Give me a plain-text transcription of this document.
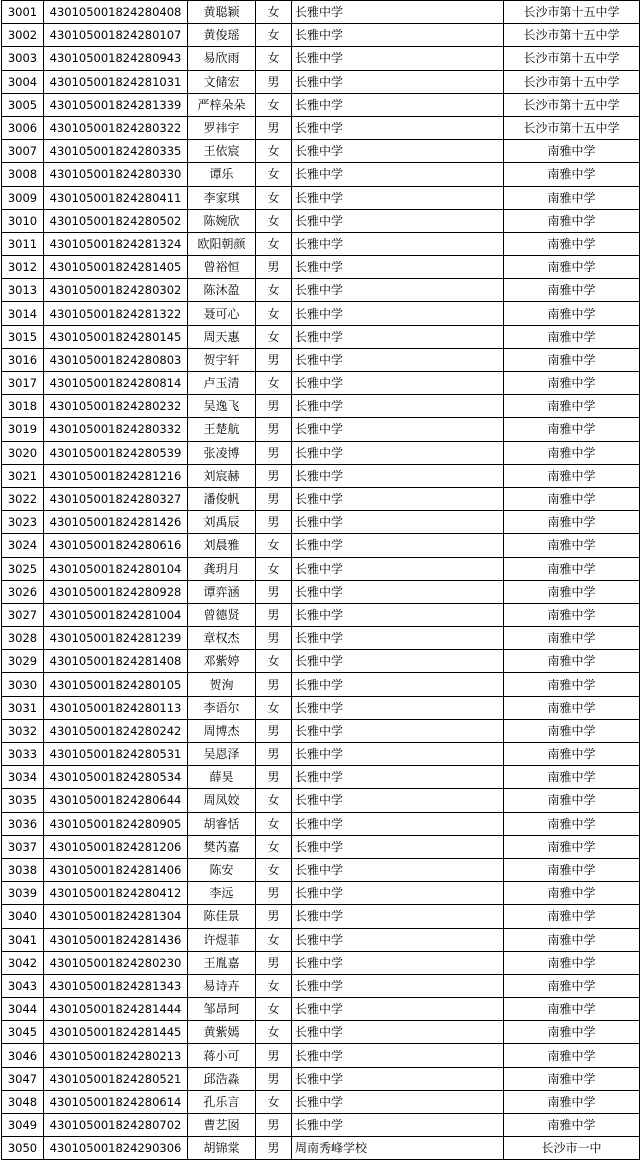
3001	430105001824280408	黄聪颖	女	长雅中学	长沙市第十五中学
3002	430105001824280107	黄俊瑶	女	长雅中学	长沙市第十五中学
3003	430105001824280943	易欣雨	女	长雅中学	长沙市第十五中学
3004	430105001824281031	文储宏	男	长雅中学	长沙市第十五中学
3005	430105001824281339	严梓朵朵	女	长雅中学	长沙市第十五中学
3006	430105001824280322	罗祎宇	男	长雅中学	长沙市第十五中学
3007	430105001824280335	王依宸	女	长雅中学	南雅中学
3008	430105001824280330	谭乐	女	长雅中学	南雅中学
3009	430105001824280411	李家琪	女	长雅中学	南雅中学
3010	430105001824280502	陈婉欣	女	长雅中学	南雅中学
3011	430105001824281324	欧阳朝颜	女	长雅中学	南雅中学
3012	430105001824281405	曾裕恒	男	长雅中学	南雅中学
3013	430105001824280302	陈沐盈	女	长雅中学	南雅中学
3014	430105001824281322	聂可心	女	长雅中学	南雅中学
3015	430105001824280145	周天惠	女	长雅中学	南雅中学
3016	430105001824280803	贺宇轩	男	长雅中学	南雅中学
3017	430105001824280814	卢玉清	女	长雅中学	南雅中学
3018	430105001824280232	吴逸飞	男	长雅中学	南雅中学
3019	430105001824280332	王楚航	男	长雅中学	南雅中学
3020	430105001824280539	张凌博	男	长雅中学	南雅中学
3021	430105001824281216	刘宸赫	男	长雅中学	南雅中学
3022	430105001824280327	潘俊帆	男	长雅中学	南雅中学
3023	430105001824281426	刘禹辰	男	长雅中学	南雅中学
3024	430105001824280616	刘晨雅	女	长雅中学	南雅中学
3025	430105001824280104	龚玥月	女	长雅中学	南雅中学
3026	430105001824280928	谭弈涵	男	长雅中学	南雅中学
3027	430105001824281004	曾德贤	男	长雅中学	南雅中学
3028	430105001824281239	章权杰	男	长雅中学	南雅中学
3029	430105001824281408	邓紫婷	女	长雅中学	南雅中学
3030	430105001824280105	贺洵	男	长雅中学	南雅中学
3031	430105001824280113	李语尔	女	长雅中学	南雅中学
3032	430105001824280242	周博杰	男	长雅中学	南雅中学
3033	430105001824280531	吴恩泽	男	长雅中学	南雅中学
3034	430105001824280534	薛昊	男	长雅中学	南雅中学
3035	430105001824280644	周凤姣	女	长雅中学	南雅中学
3036	430105001824280905	胡睿恬	女	长雅中学	南雅中学
3037	430105001824281206	樊芮嘉	女	长雅中学	南雅中学
3038	430105001824281406	陈安	女	长雅中学	南雅中学
3039	430105001824280412	李远	男	长雅中学	南雅中学
3040	430105001824281304	陈佳景	男	长雅中学	南雅中学
3041	430105001824281436	许煜菲	女	长雅中学	南雅中学
3042	430105001824280230	王胤嘉	男	长雅中学	南雅中学
3043	430105001824281343	易诗卉	女	长雅中学	南雅中学
3044	430105001824281444	邹昂珂	女	长雅中学	南雅中学
3045	430105001824281445	黄紫嫣	女	长雅中学	南雅中学
3046	430105001824280213	蒋小可	男	长雅中学	南雅中学
3047	430105001824280521	邱浩淼	男	长雅中学	南雅中学
3048	430105001824280614	孔乐言	女	长雅中学	南雅中学
3049	430105001824280702	曹艺囡	男	长雅中学	南雅中学
3050	430105001824290306	胡锦棠	男	周南秀峰学校	长沙市一中
